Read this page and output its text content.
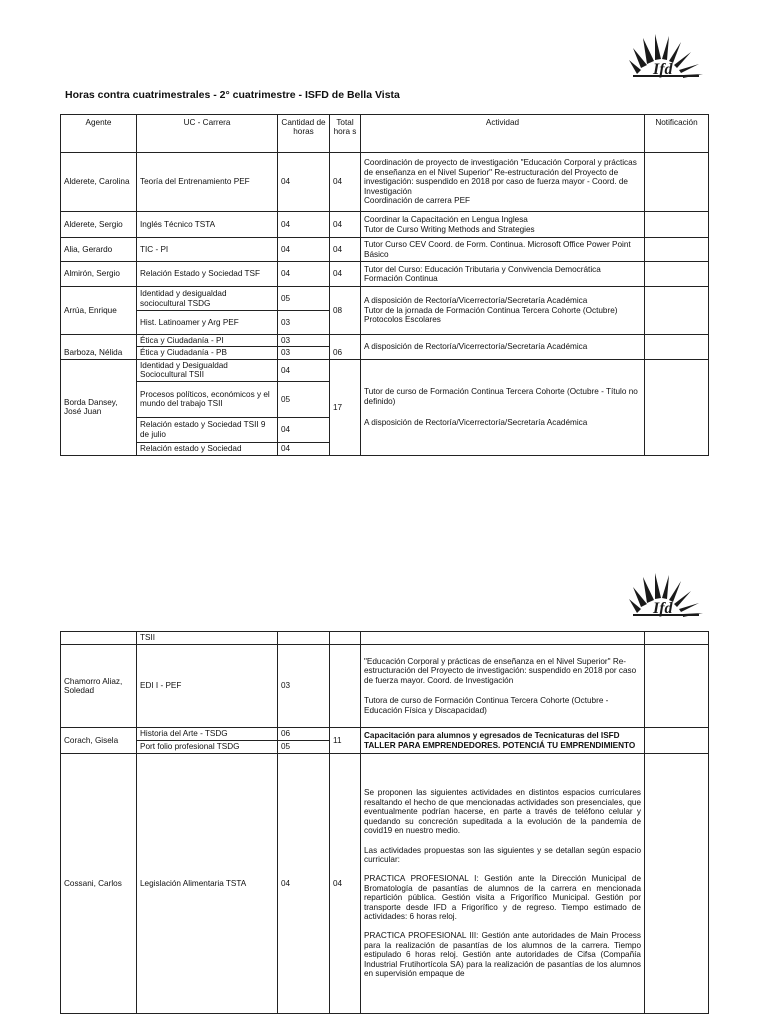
Ifd
Horas contra cuatrimestrales - 2° cuatrimestre - ISFD de Bella Vista
Agente	UC - Carrera	Cantidad de horas	Total hora s	Actividad	Notificación
Alderete, Carolina	Teoría del Entrenamiento PEF	04	04	Coordinación de proyecto de investigación "Educación Corporal y prácticas de enseñanza en el Nivel Superior" Re-estructuración del Proyecto de investigación: suspendido en 2018 por caso de fuerza mayor - Coord. de Investigación
Coordinación de carrera PEF	
Alderete, Sergio	Inglés Técnico TSTA	04	04	Coordinar la Capacitación en Lengua Inglesa
Tutor de Curso Writing Methods and Strategies	
Alia, Gerardo	TIC - PI	04	04	Tutor Curso CEV Coord. de Form. Continua. Microsoft Office Power Point Básico	
Almirón, Sergio	Relación Estado y Sociedad TSF	04	04	Tutor del Curso: Educación Tributaria y Convivencia Democrática Formación Continua	
Arrúa, Enrique	Identidad y desigualdad sociocultural TSDG	05	08	A disposición de Rectoría/Vicerrectoría/Secretaría Académica
Tutor de la jornada de Formación Continua Tercera Cohorte (Octubre) Protocolos Escolares	
	Hist. Latinoamer y Arg PEF	03			
Barboza, Nélida	Ética y Ciudadanía - PI	03	06	A disposición de Rectoría/Vicerrectoría/Secretaría Académica	
	Ética y Ciudadanía - PB	03			
Borda Dansey, José Juan	Identidad y Desigualdad Sociocultural TSII	04	17	Tutor de curso de Formación Continua Tercera Cohorte (Octubre - Título no definido)
A disposición de Rectoría/Vicerrectoría/Secretaría Académica	

	Procesos políticos, económicos y el mundo del trabajo TSII	05			
	Relación estado y Sociedad TSII 9 de julio	04			
	Relación estado y Sociedad	04			
Ifd
	TSII				
Chamorro Aliaz, Soledad	EDI I - PEF	03		"Educación Corporal y prácticas de enseñanza en el Nivel Superior" Re-estructuración del Proyecto de investigación: suspendido en 2018 por caso de fuerza mayor. Coord. de Investigación
Tutora de curso de Formación Continua Tercera Cohorte (Octubre - Educación Física y Discapacidad)	

Corach, Gisela	Historia del Arte - TSDG	06	11	Capacitación para alumnos y egresados de Tecnicaturas del ISFD
TALLER PARA EMPRENDEDORES. POTENCIÁ TU EMPRENDIMIENTO	
	Port folio profesional TSDG	05			
Cossani, Carlos	Legislación Alimentaria TSTA	04	04	Se proponen las siguientes actividades en distintos espacios curriculares resaltando el hecho de que mencionadas actividades son presenciales, que eventualmente podrían hacerse, en parte a través de teléfono celular y quedando su concreción supeditada a la evolución de la pandemia de covid19 en nuestro medio.
Las actividades propuestas son las siguientes y se detallan según espacio curricular:
PRACTICA PROFESIONAL I: Gestión ante la Dirección Municipal de Bromatología de pasantías de alumnos de la carrera en mencionada repartición pública. Gestión visita a Frigorífico Municipal. Gestión por transporte desde IFD a Frigorífico y de regreso. Tiempo estimado de actividades: 6 horas reloj.
PRACTICA PROFESIONAL III: Gestión ante autoridades de Main Process para la realización de pasantías de los alumnos de la carrera. Tiempo estipulado 6 horas reloj. Gestión ante autoridades de Cifsa (Compañía Industrial Frutihortícola SA) para la realización de pasantías de los alumnos en supervisión empaque de	
